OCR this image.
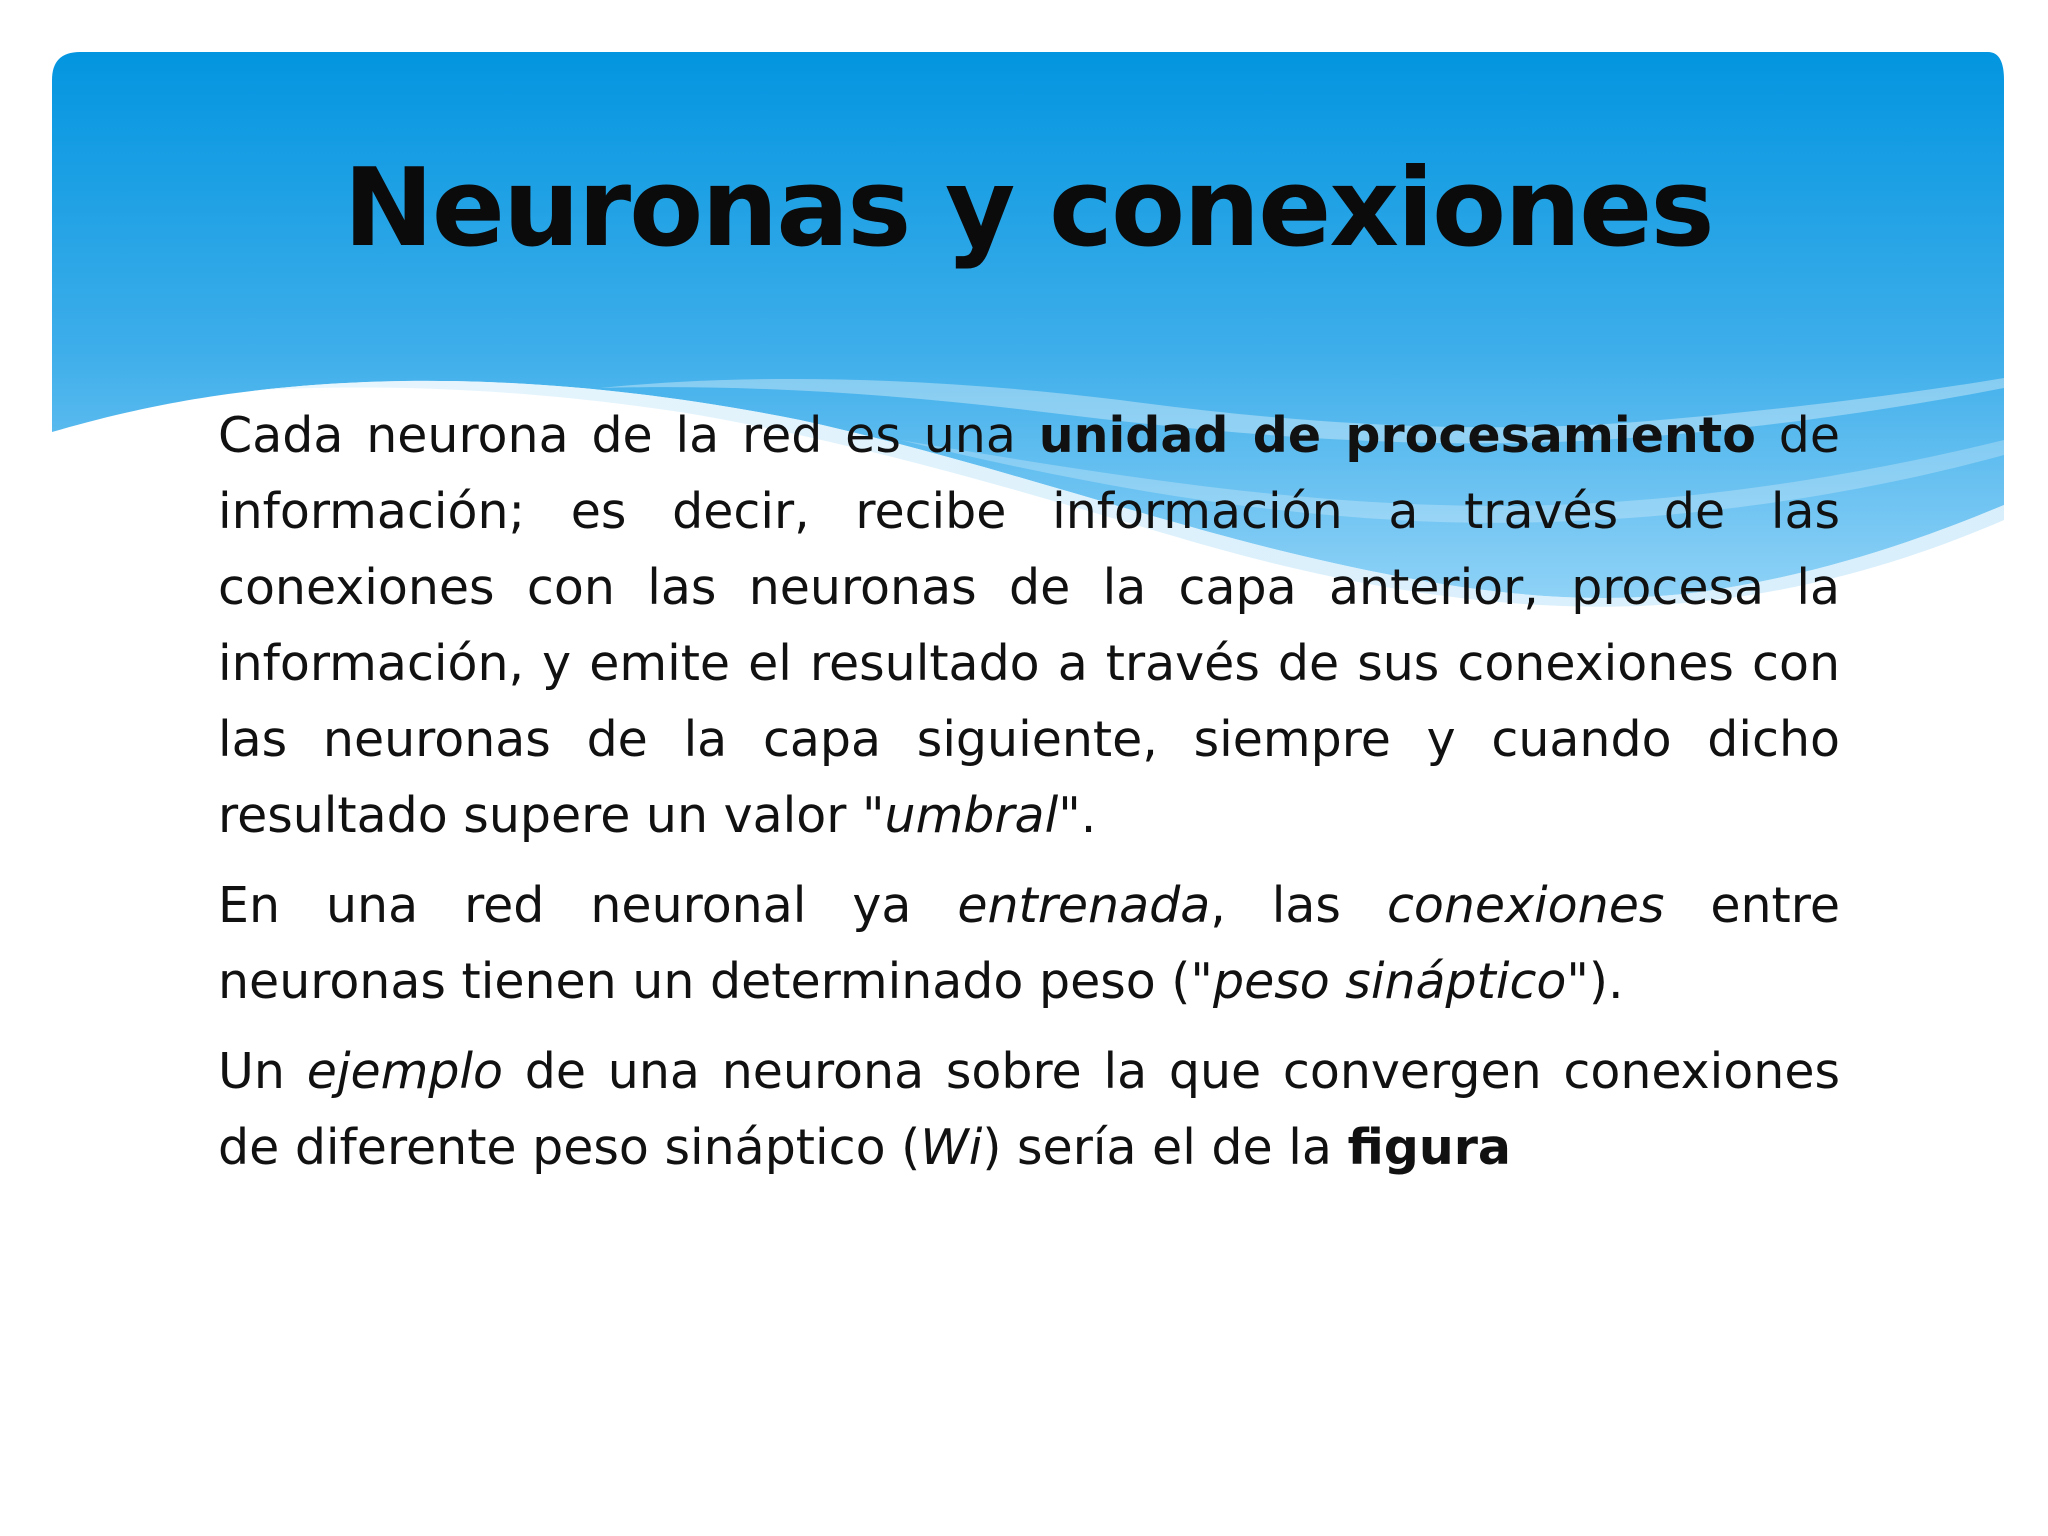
Neuronas y conexiones

Cada neurona de la red es una unidad de procesamiento de información; es decir, recibe información a través de las conexiones con las neuronas de la capa anterior, procesa la información, y emite el resultado a través de sus conexiones con las neuronas de la capa siguiente, siempre y cuando dicho resultado supere un valor "umbral".

En una red neuronal ya entrenada, las conexiones entre neuronas tienen un determinado peso ("peso sináptico").

Un ejemplo de una neurona sobre la que convergen conexiones de diferente peso sináptico (Wi) sería el de la figura
